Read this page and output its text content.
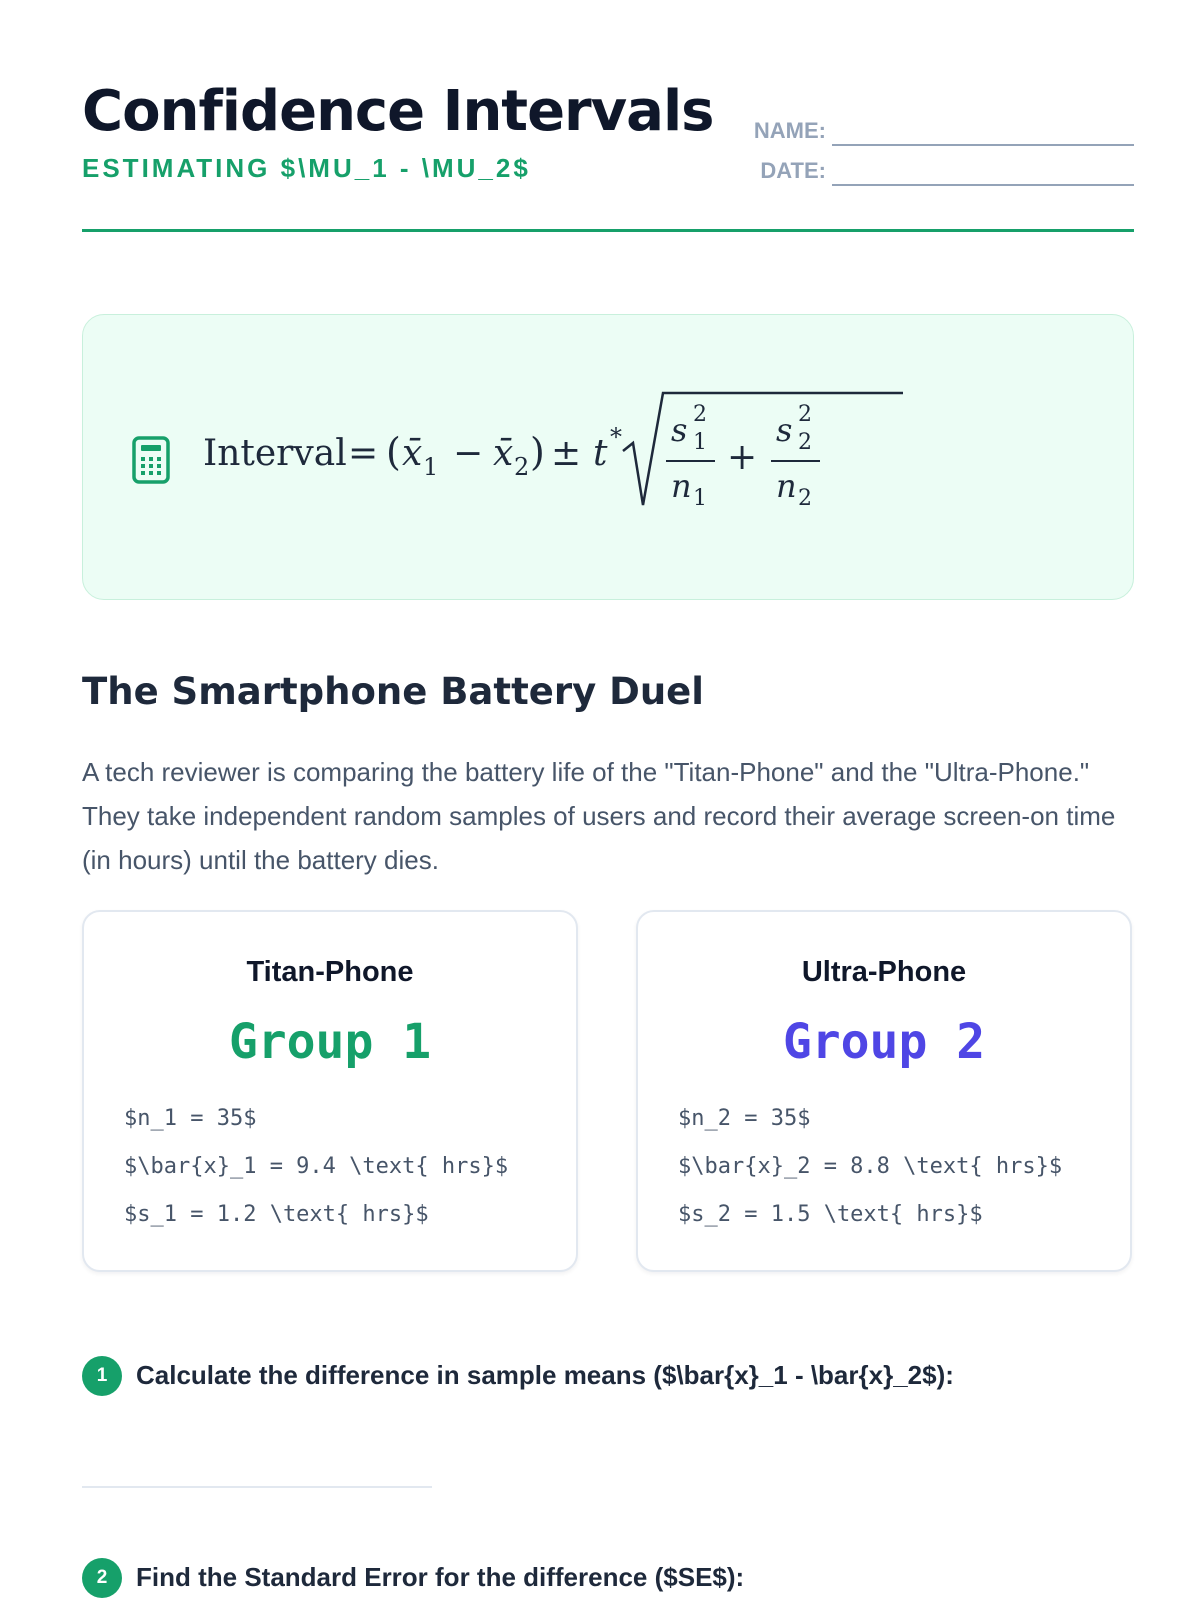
Confidence Intervals
ESTIMATING $\MU_1 - \MU_2$
NAME:
DATE:
Interval = ( x̄ 1 − x̄ 2 ) ± t * s 2
1
n 1
+
s 2
2
n 2
The Smartphone Battery Duel

A tech reviewer is comparing the battery life of the "Titan-Phone" and the "Ultra-Phone." They take independent random samples of users and record their average screen-on time (in hours) until the battery dies.

Titan-Phone
Group 1
$n_1 = 35$
$\bar{x}_1 = 9.4 \text{ hrs}$
$s_1 = 1.2 \text{ hrs}$
Ultra-Phone
Group 2
$n_2 = 35$
$\bar{x}_2 = 8.8 \text{ hrs}$
$s_2 = 1.5 \text{ hrs}$
1	Calculate the difference in sample means ($\bar{x}_1 - \bar{x}_2$):
2	Find the Standard Error for the difference ($SE$):
